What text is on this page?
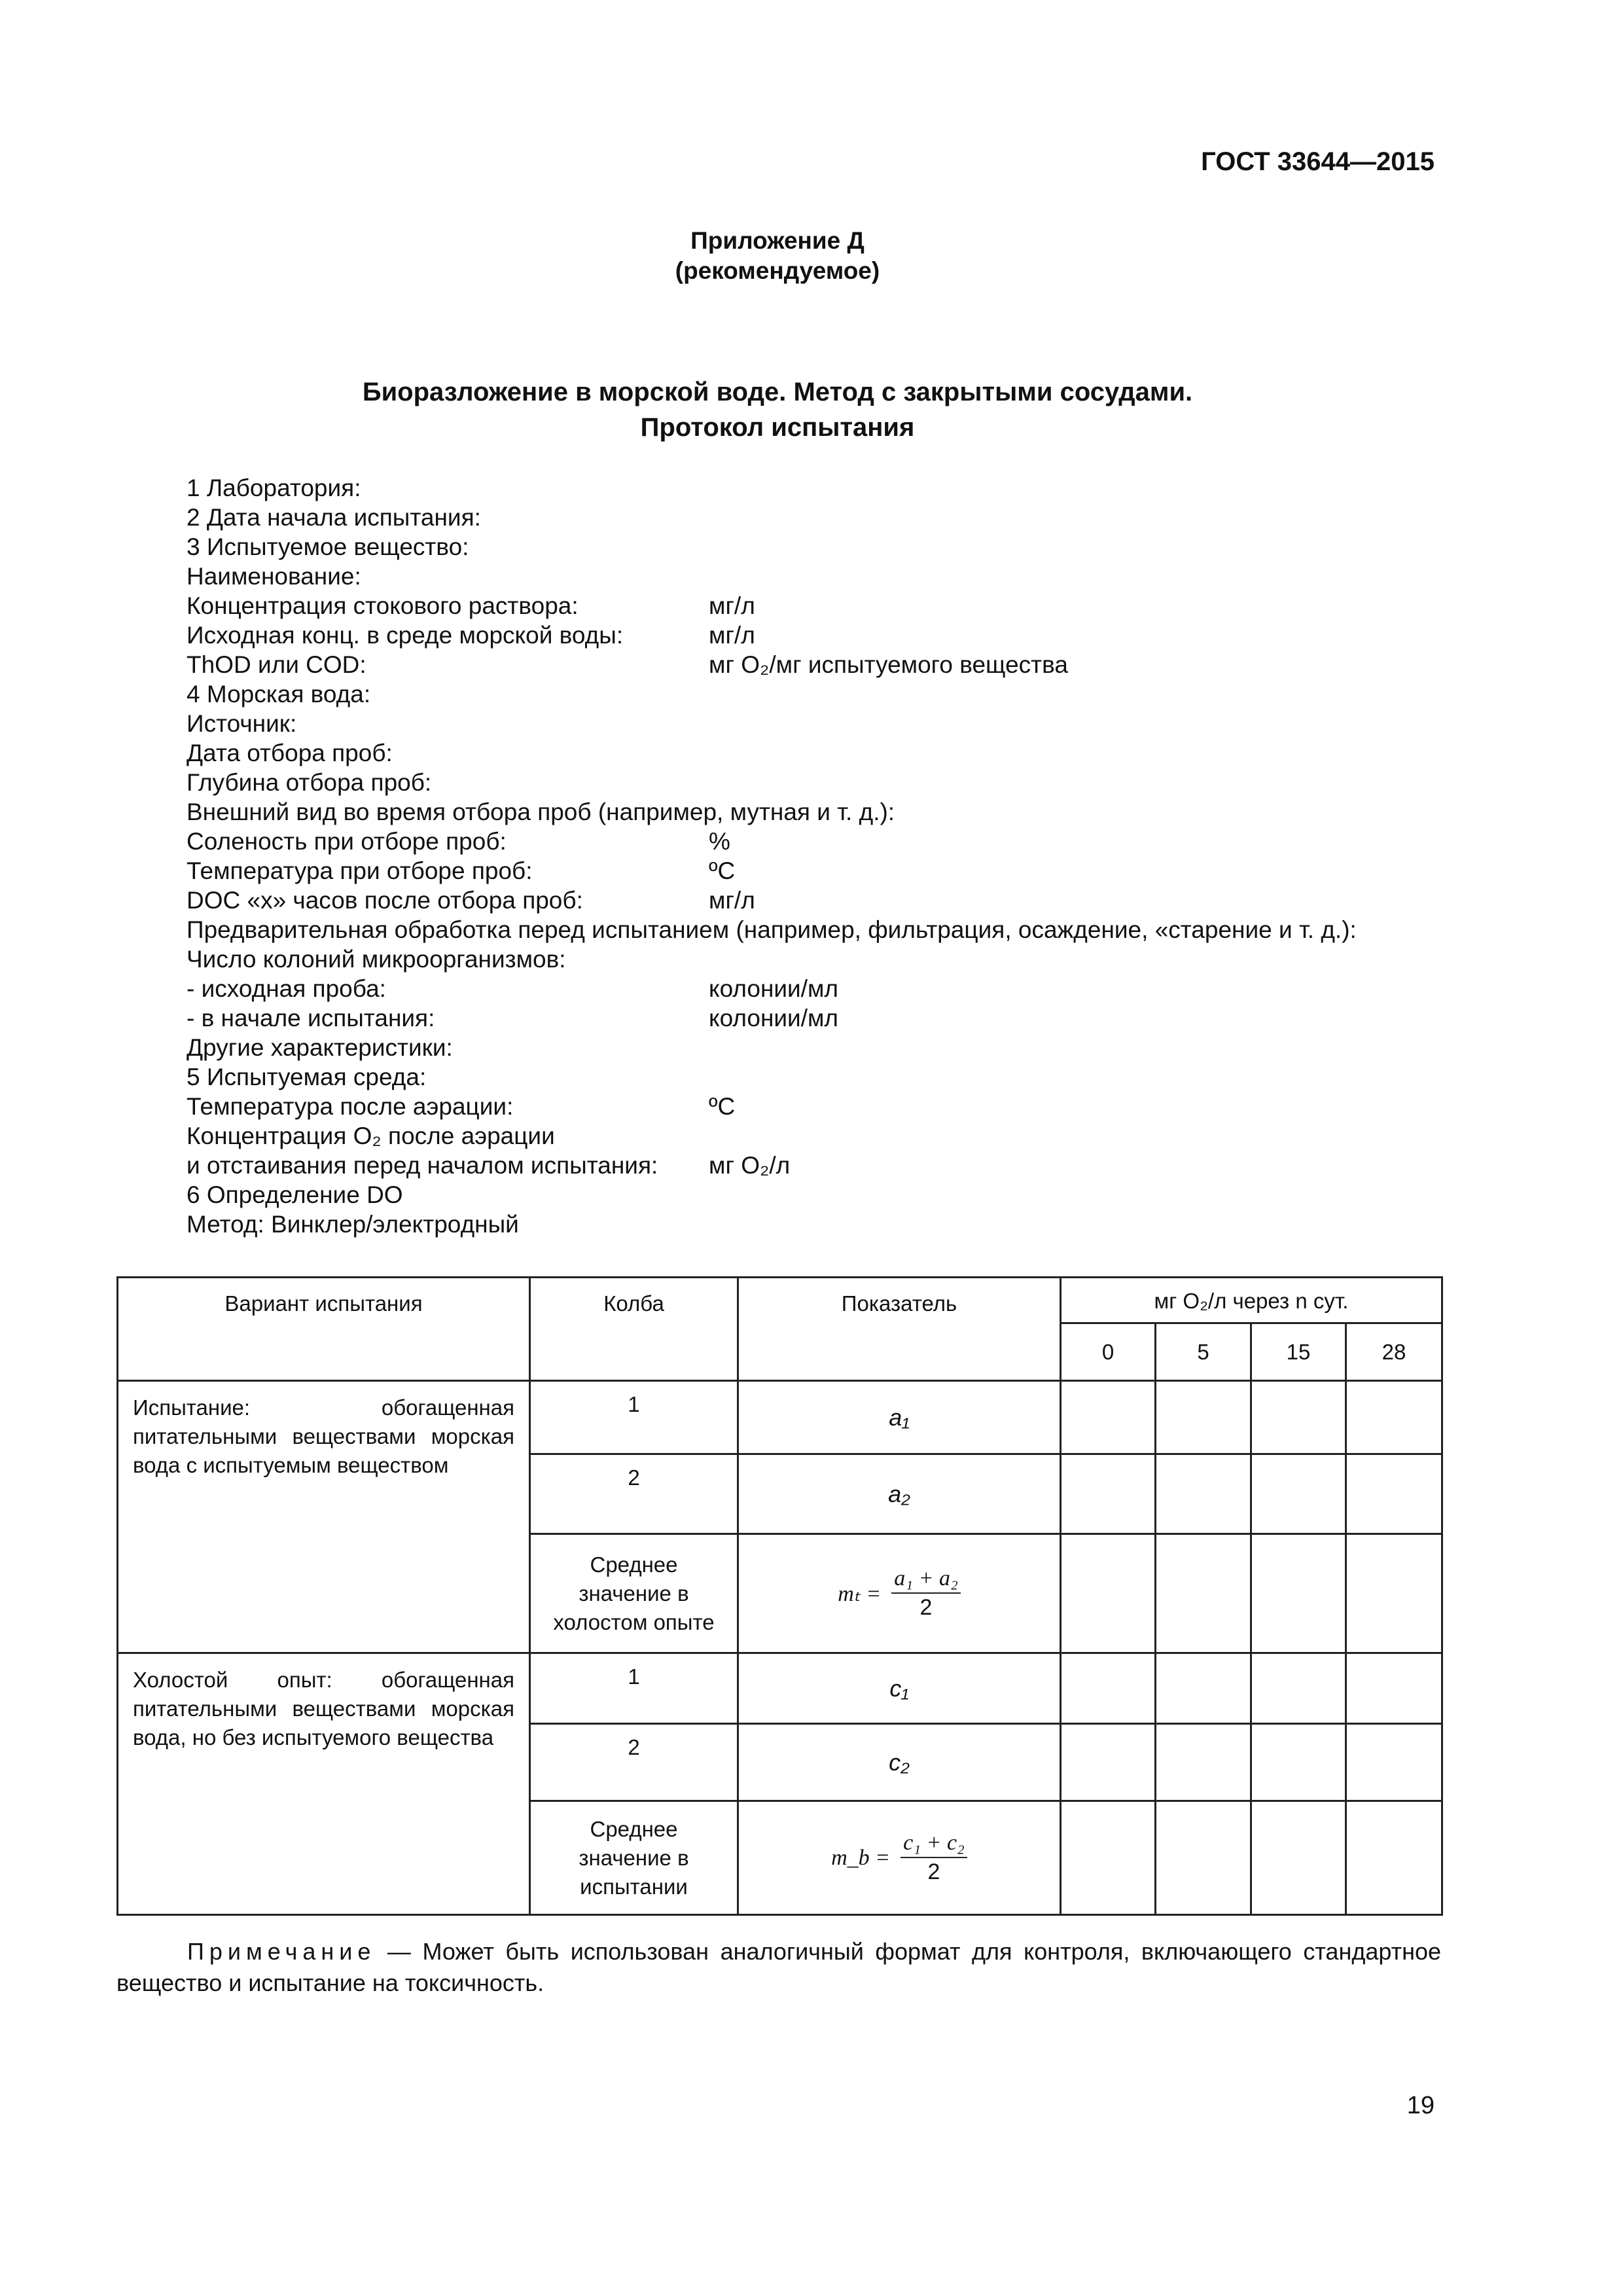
ГОСТ 33644—2015
Приложение Д
(рекомендуемое)
Биоразложение в морской воде. Метод с закрытыми сосудами.
Протокол испытания
1 Лаборатория:
2 Дата начала испытания:
3 Испытуемое вещество:
Наименование:
Концентрация стокового раствора:	мг/л
Исходная конц. в среде морской воды:	мг/л
ThOD или COD:	мг O₂/мг испытуемого вещества
4 Морская вода:
Источник:
Дата отбора проб:
Глубина отбора проб:
Внешний вид во время отбора проб (например, мутная и т. д.):
Соленость при отборе проб:	%
Температура при отборе проб:	ºC
DOC «x» часов после отбора проб:	мг/л
Предварительная обработка перед испытанием (например, фильтрация, осаждение, «старение и т. д.):
Число колоний микроорганизмов:
- исходная проба:	колонии/мл
- в начале испытания:	колонии/мл
Другие характеристики:
5 Испытуемая среда:
Температура после аэрации:	ºC
Концентрация O₂ после аэрации
и отстаивания перед началом испытания: мг O₂/л
6 Определение DO
Метод: Винклер/электродный
Вариант испытания	Колба	Показатель	мг O₂/л через n сут.			
			0	5	15	28
Испытание: обогащенная питательными веществами морская вода с испытуемым веществом	1	a₁				
	2	a₂				
	Среднее значение в холостом опыте	$m_t = \frac{\text{a₁ + a₂}}{2}$

Холостой опыт: обогащенная питательными веществами морская вода, но без испытуемого вещества	1	c₁				
	2	c₂				
	Среднее значение в испытании	m_b = $\frac{\text{c₁ + c₂}}{2}$

Примечание — Может быть использован аналогичный формат для контроля, включающего стандартное вещество и испытание на токсичность.
19
